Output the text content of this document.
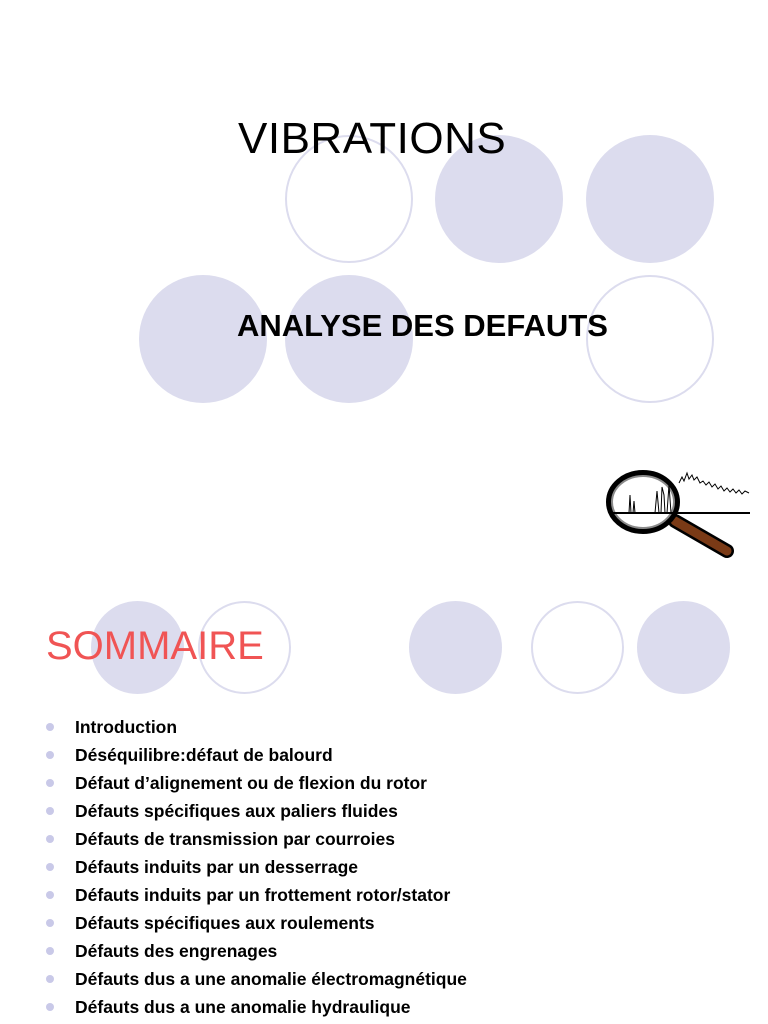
VIBRATIONS
ANALYSE DES DEFAUTS
SOMMAIRE
Introduction
Déséquilibre:défaut de balourd
Défaut d’alignement ou de flexion du rotor
Défauts spécifiques aux paliers fluides
Défauts de transmission par courroies
Défauts induits par un desserrage
Défauts induits par un frottement rotor/stator
Défauts spécifiques aux roulements
Défauts des engrenages
Défauts dus a une anomalie électromagnétique
Défauts dus a une anomalie hydraulique
